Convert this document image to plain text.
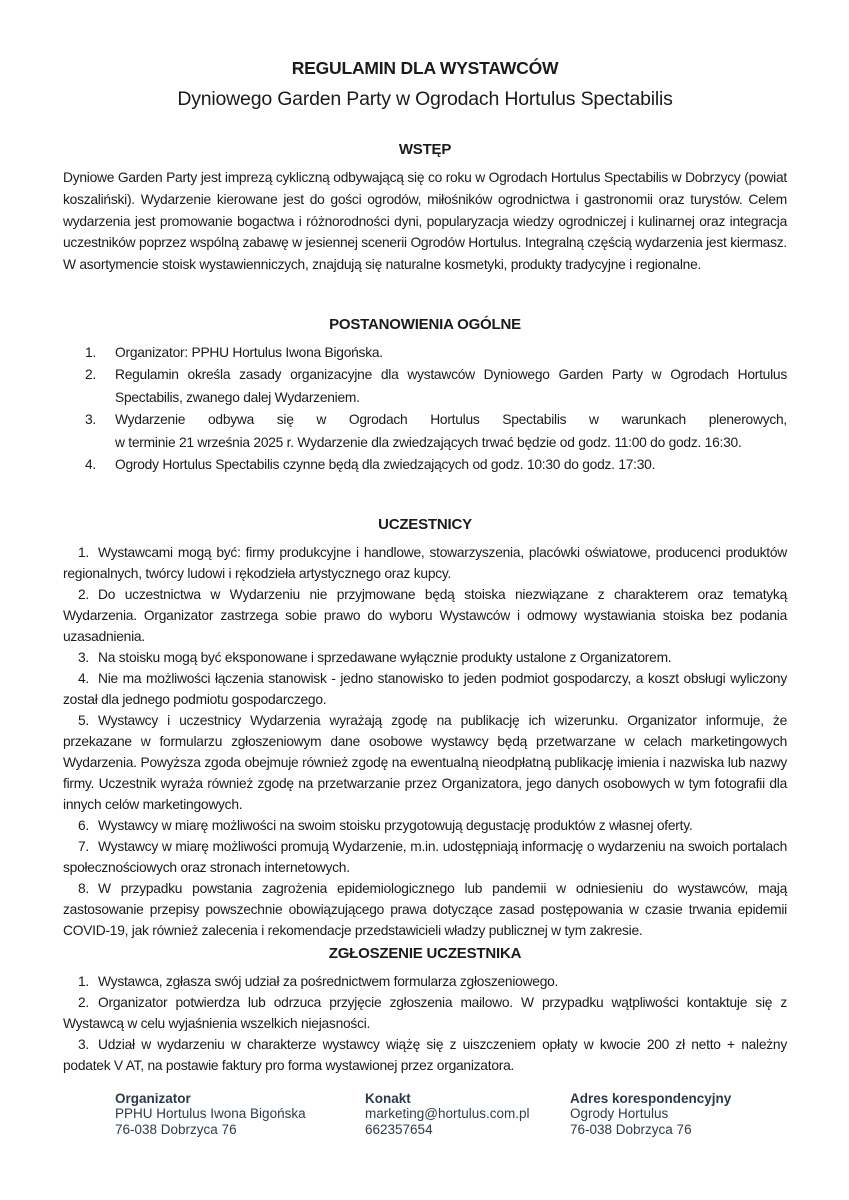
REGULAMIN DLA WYSTAWCÓW
Dyniowego Garden Party w Ogrodach Hortulus Spectabilis
WSTĘP

Dyniowe Garden Party jest imprezą cykliczną odbywającą się co roku w Ogrodach Hortulus Spectabilis w Dobrzycy (powiat koszaliński). Wydarzenie kierowane jest do gości ogrodów, miłośników ogrodnictwa i gastronomii oraz turystów. Celem wydarzenia jest promowanie bogactwa i różnorodności dyni, popularyzacja wiedzy ogrodniczej i kulinarnej oraz integracja uczestników poprzez wspólną zabawę w jesiennej scenerii Ogrodów Hortulus. Integralną częścią wydarzenia jest kiermasz. W asortymencie stoisk wystawienniczych, znajdują się naturalne kosmetyki, produkty tradycyjne i regionalne.

POSTANOWIENIA OGÓLNE
1. Organizator: PPHU Hortulus Iwona Bigońska.
2. Regulamin określa zasady organizacyjne dla wystawców Dyniowego Garden Party w Ogrodach Hortulus Spectabilis, zwanego dalej Wydarzeniem.
3. Wydarzenie odbywa się w Ogrodach Hortulus Spectabilis w warunkach plenerowych,
w terminie 21 września 2025 r. Wydarzenie dla zwiedzających trwać będzie od godz. 11:00 do godz. 16:30.
4. Ogrody Hortulus Spectabilis czynne będą dla zwiedzających od godz. 10:30 do godz. 17:30.
UCZESTNICY

1. Wystawcami mogą być: firmy produkcyjne i handlowe, stowarzyszenia, placówki oświatowe, producenci produktów regionalnych, twórcy ludowi i rękodzieła artystycznego oraz kupcy.

2. Do uczestnictwa w Wydarzeniu nie przyjmowane będą stoiska niezwiązane z charakterem oraz tematyką Wydarzenia. Organizator zastrzega sobie prawo do wyboru Wystawców i odmowy wystawiania stoiska bez podania uzasadnienia.

3. Na stoisku mogą być eksponowane i sprzedawane wyłącznie produkty ustalone z Organizatorem.

4. Nie ma możliwości łączenia stanowisk - jedno stanowisko to jeden podmiot gospodarczy, a koszt obsługi wyliczony został dla jednego podmiotu gospodarczego.

5. Wystawcy i uczestnicy Wydarzenia wyrażają zgodę na publikację ich wizerunku. Organizator informuje, że przekazane w formularzu zgłoszeniowym dane osobowe wystawcy będą przetwarzane w celach marketingowych Wydarzenia. Powyższa zgoda obejmuje również zgodę na ewentualną nieodpłatną publikację imienia i nazwiska lub nazwy firmy. Uczestnik wyraża również zgodę na przetwarzanie przez Organizatora, jego danych osobowych w tym fotografii dla innych celów marketingowych.

6. Wystawcy w miarę możliwości na swoim stoisku przygotowują degustację produktów z własnej oferty.

7. Wystawcy w miarę możliwości promują Wydarzenie, m.in. udostępniają informację o wydarzeniu na swoich portalach społecznościowych oraz stronach internetowych.

8. W przypadku powstania zagrożenia epidemiologicznego lub pandemii w odniesieniu do wystawców, mają zastosowanie przepisy powszechnie obowiązującego prawa dotyczące zasad postępowania w czasie trwania epidemii COVID-19, jak również zalecenia i rekomendacje przedstawicieli władzy publicznej w tym zakresie.

ZGŁOSZENIE UCZESTNIKA

1. Wystawca, zgłasza swój udział za pośrednictwem formularza zgłoszeniowego.

2. Organizator potwierdza lub odrzuca przyjęcie zgłoszenia mailowo. W przypadku wątpliwości kontaktuje się z Wystawcą w celu wyjaśnienia wszelkich niejasności.

3. Udział w wydarzeniu w charakterze wystawcy wiążę się z uiszczeniem opłaty w kwocie 200 zł netto + należny podatek V AT, na postawie faktury pro forma wystawionej przez organizatora.

Organizator
PPHU Hortulus Iwona Bigońska
76-038 Dobrzyca 76
Konakt
marketing@hortulus.com.pl
662357654
Adres korespondencyjny
Ogrody Hortulus
76-038 Dobrzyca 76
